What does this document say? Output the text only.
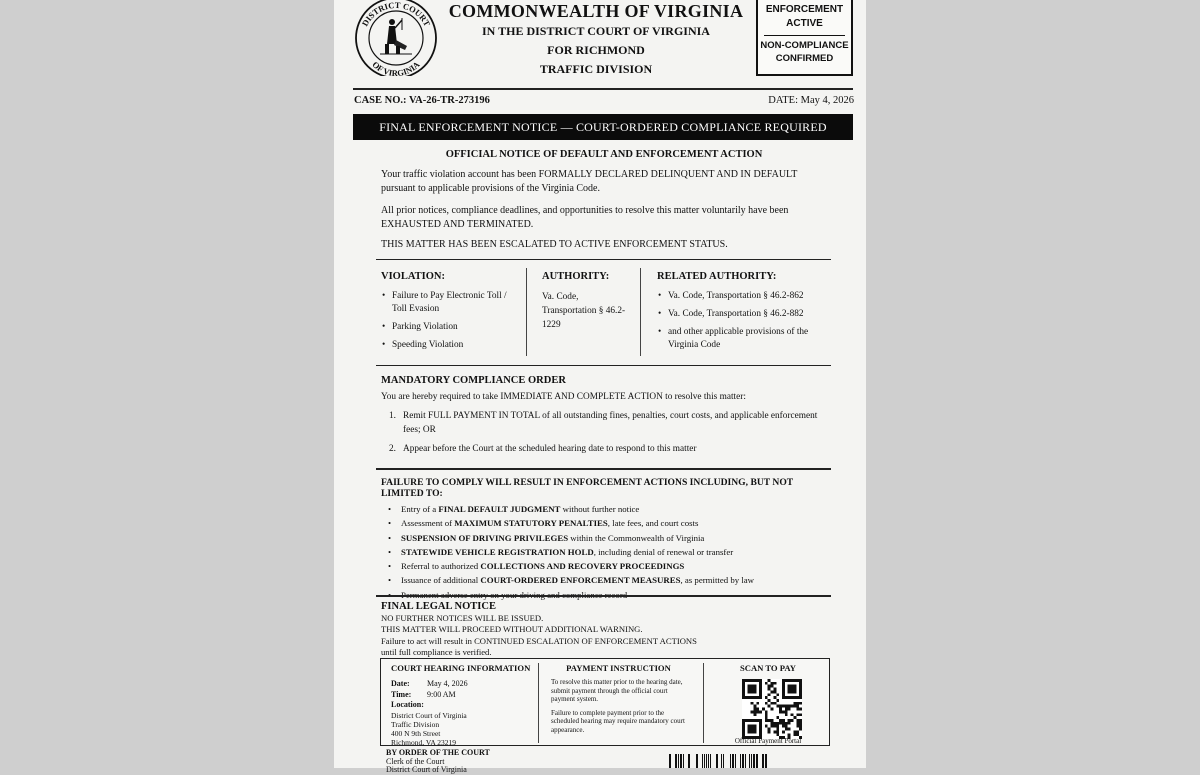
DISTRICT COURT
OF VIRGINIA
COMMONWEALTH OF VIRGINIA
IN THE DISTRICT COURT OF VIRGINIA
FOR RICHMOND
TRAFFIC DIVISION
ENFORCEMENT ACTIVE
NON-COMPLIANCE CONFIRMED
CASE NO.: VA-26-TR-273196	DATE: May 4, 2026
FINAL ENFORCEMENT NOTICE — COURT-ORDERED COMPLIANCE REQUIRED
OFFICIAL NOTICE OF DEFAULT AND ENFORCEMENT ACTION
Your traffic violation account has been FORMALLY DECLARED DELINQUENT AND IN DEFAULT pursuant to applicable provisions of the Virginia Code.
All prior notices, compliance deadlines, and opportunities to resolve this matter voluntarily have been EXHAUSTED AND TERMINATED.
THIS MATTER HAS BEEN ESCALATED TO ACTIVE ENFORCEMENT STATUS.
VIOLATION:
• Failure to Pay Electronic Toll / Toll Evasion
• Parking Violation
• Speeding Violation
AUTHORITY:
Va. Code, Transportation § 46.2-1229
RELATED AUTHORITY:
• Va. Code, Transportation § 46.2-862
• Va. Code, Transportation § 46.2-882
• and other applicable provisions of the Virginia Code
MANDATORY COMPLIANCE ORDER
You are hereby required to take IMMEDIATE AND COMPLETE ACTION to resolve this matter:
1. Remit FULL PAYMENT IN TOTAL of all outstanding fines, penalties, court costs, and applicable enforcement fees; OR
2. Appear before the Court at the scheduled hearing date to respond to this matter
FAILURE TO COMPLY WILL RESULT IN ENFORCEMENT ACTIONS INCLUDING, BUT NOT LIMITED TO:
• Entry of a FINAL DEFAULT JUDGMENT without further notice
• Assessment of MAXIMUM STATUTORY PENALTIES, late fees, and court costs
• SUSPENSION OF DRIVING PRIVILEGES within the Commonwealth of Virginia
• STATEWIDE VEHICLE REGISTRATION HOLD, including denial of renewal or transfer
• Referral to authorized COLLECTIONS AND RECOVERY PROCEEDINGS
• Issuance of additional COURT-ORDERED ENFORCEMENT MEASURES, as permitted by law
•
FINAL LEGAL NOTICE
NO FURTHER NOTICES WILL BE ISSUED.
THIS MATTER WILL PROCEED WITHOUT ADDITIONAL WARNING.
Failure to act will result in CONTINUED ESCALATION OF ENFORCEMENT ACTIONS
until full compliance is verified.
COURT HEARING INFORMATION
Date: May 4, 2026
Time: 9:00 AM
Location:
District Court of Virginia
Traffic Division
400 N 9th Street
Richmond, VA 23219
PAYMENT INSTRUCTION
To resolve this matter prior to the hearing date, submit payment through the official court payment system.
Failure to complete payment prior to the scheduled hearing may require mandatory court appearance.
SCAN TO PAY
Official Payment Portal
BY ORDER OF THE COURT
Clerk of the Court
District Court of Virginia
